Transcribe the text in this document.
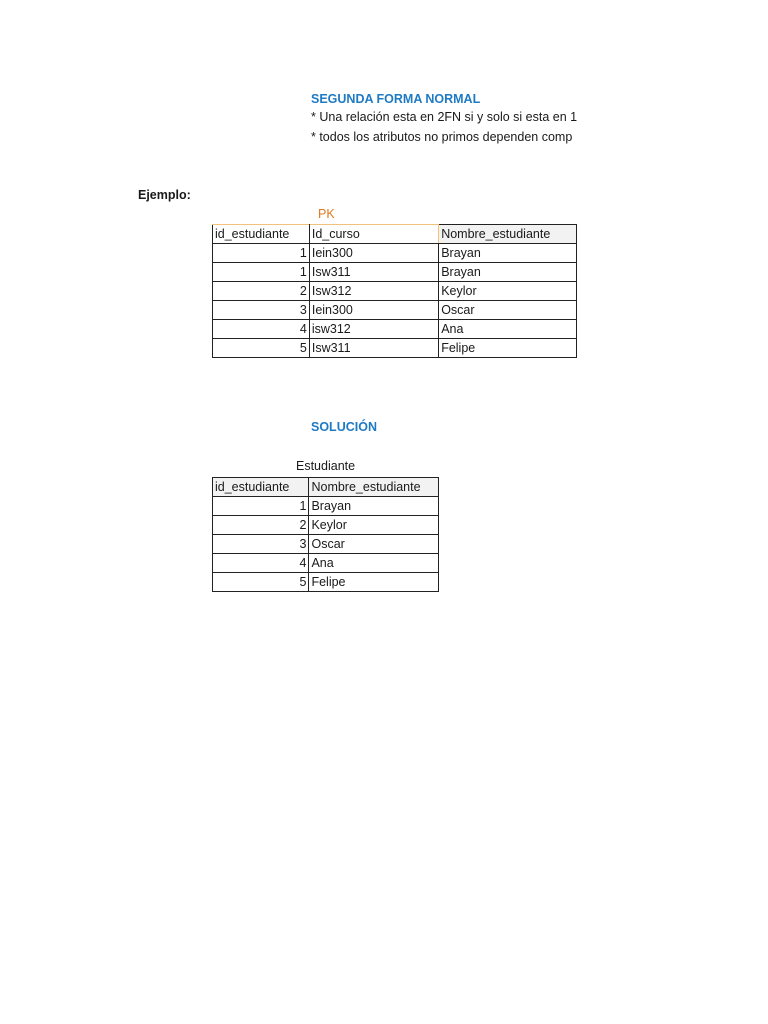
SEGUNDA FORMA NORMAL
* Una relación esta en 2FN si y solo si esta en 1
* todos los atributos no primos dependen comp
Ejemplo:
PK
id_estudiante	Id_curso	Nombre_estudiante
1	Iein300	Brayan
1	Isw311	Brayan
2	Isw312	Keylor
3	Iein300	Oscar
4	isw312	Ana
5	Isw311	Felipe
SOLUCIÓN
Estudiante
id_estudiante	Nombre_estudiante
1	Brayan
2	Keylor
3	Oscar
4	Ana
5	Felipe
